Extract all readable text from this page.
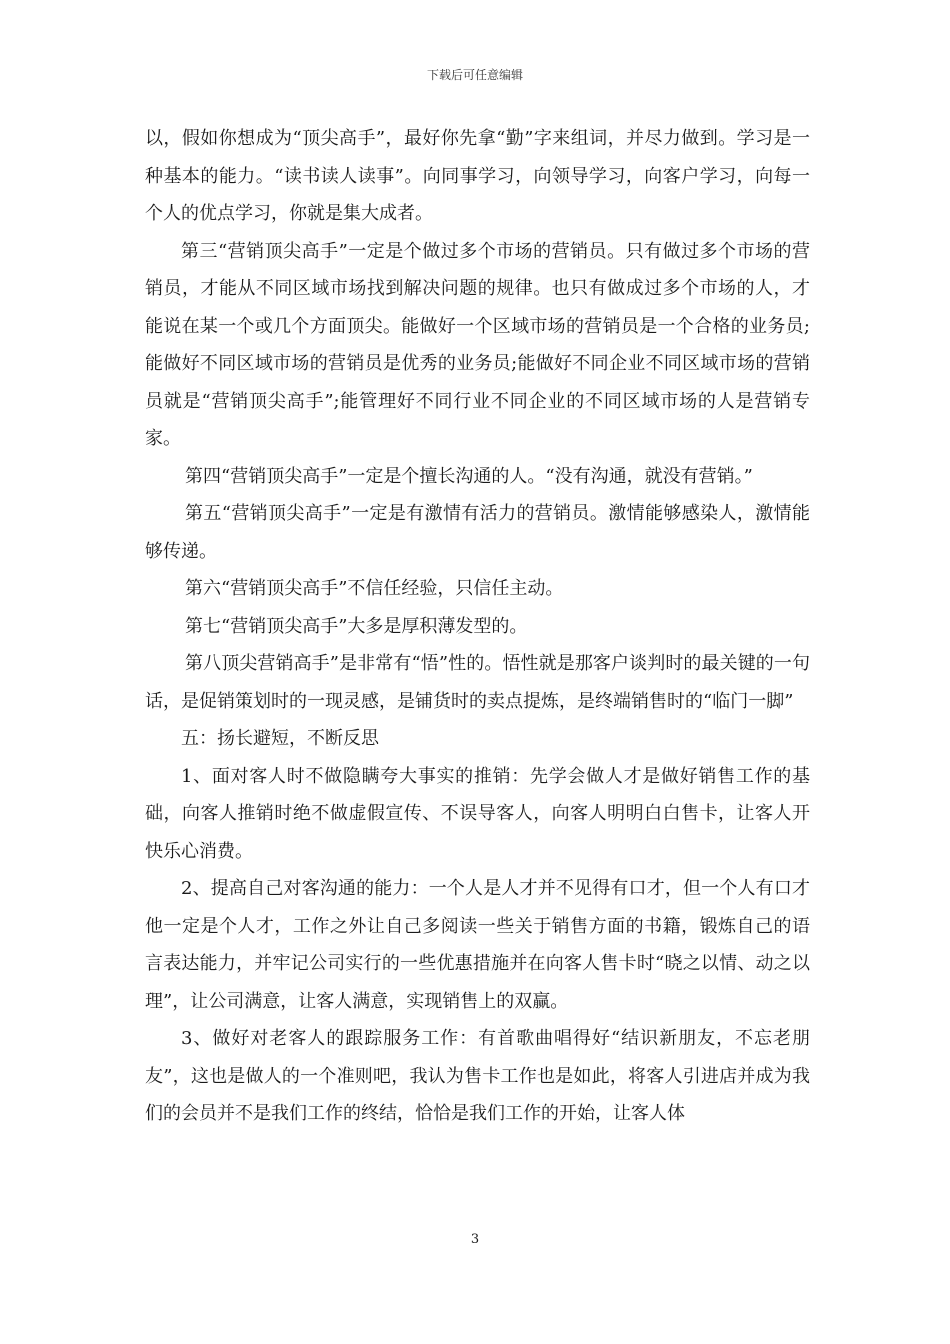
下载后可任意编辑

以，假如你想成为“顶尖高手”，最好你先拿“勤”字来组词，并尽力做到。学习是一种基本的能力。“读书读人读事”。向同事学习，向领导学习，向客户学习，向每一个人的优点学习，你就是集大成者。

第三“营销顶尖高手”一定是个做过多个市场的营销员。只有做过多个市场的营销员，才能从不同区域市场找到解决问题的规律。也只有做成过多个市场的人，才能说在某一个或几个方面顶尖。能做好一个区域市场的营销员是一个合格的业务员;能做好不同区域市场的营销员是优秀的业务员;能做好不同企业不同区域市场的营销员就是“营销顶尖高手”;能管理好不同行业不同企业的不同区域市场的人是营销专家。

第四“营销顶尖高手”一定是个擅长沟通的人。“没有沟通，就没有营销。”

第五“营销顶尖高手”一定是有激情有活力的营销员。激情能够感染人，激情能够传递。

第六“营销顶尖高手”不信任经验，只信任主动。

第七“营销顶尖高手”大多是厚积薄发型的。

第八顶尖营销高手”是非常有“悟”性的。悟性就是那客户谈判时的最关键的一句话，是促销策划时的一现灵感，是铺货时的卖点提炼，是终端销售时的“临门一脚”

五：扬长避短，不断反思

1、面对客人时不做隐瞒夸大事实的推销：先学会做人才是做好销售工作的基础，向客人推销时绝不做虚假宣传、不误导客人，向客人明明白白售卡，让客人开快乐心消费。

2、提高自己对客沟通的能力：一个人是人才并不见得有口才，但一个人有口才他一定是个人才，工作之外让自己多阅读一些关于销售方面的书籍，锻炼自己的语言表达能力，并牢记公司实行的一些优惠措施并在向客人售卡时“晓之以情、动之以理”，让公司满意，让客人满意，实现销售上的双赢。

3、做好对老客人的跟踪服务工作：有首歌曲唱得好“结识新朋友，不忘老朋友”，这也是做人的一个准则吧，我认为售卡工作也是如此，将客人引进店并成为我们的会员并不是我们工作的终结，恰恰是我们工作的开始，让客人体

3
